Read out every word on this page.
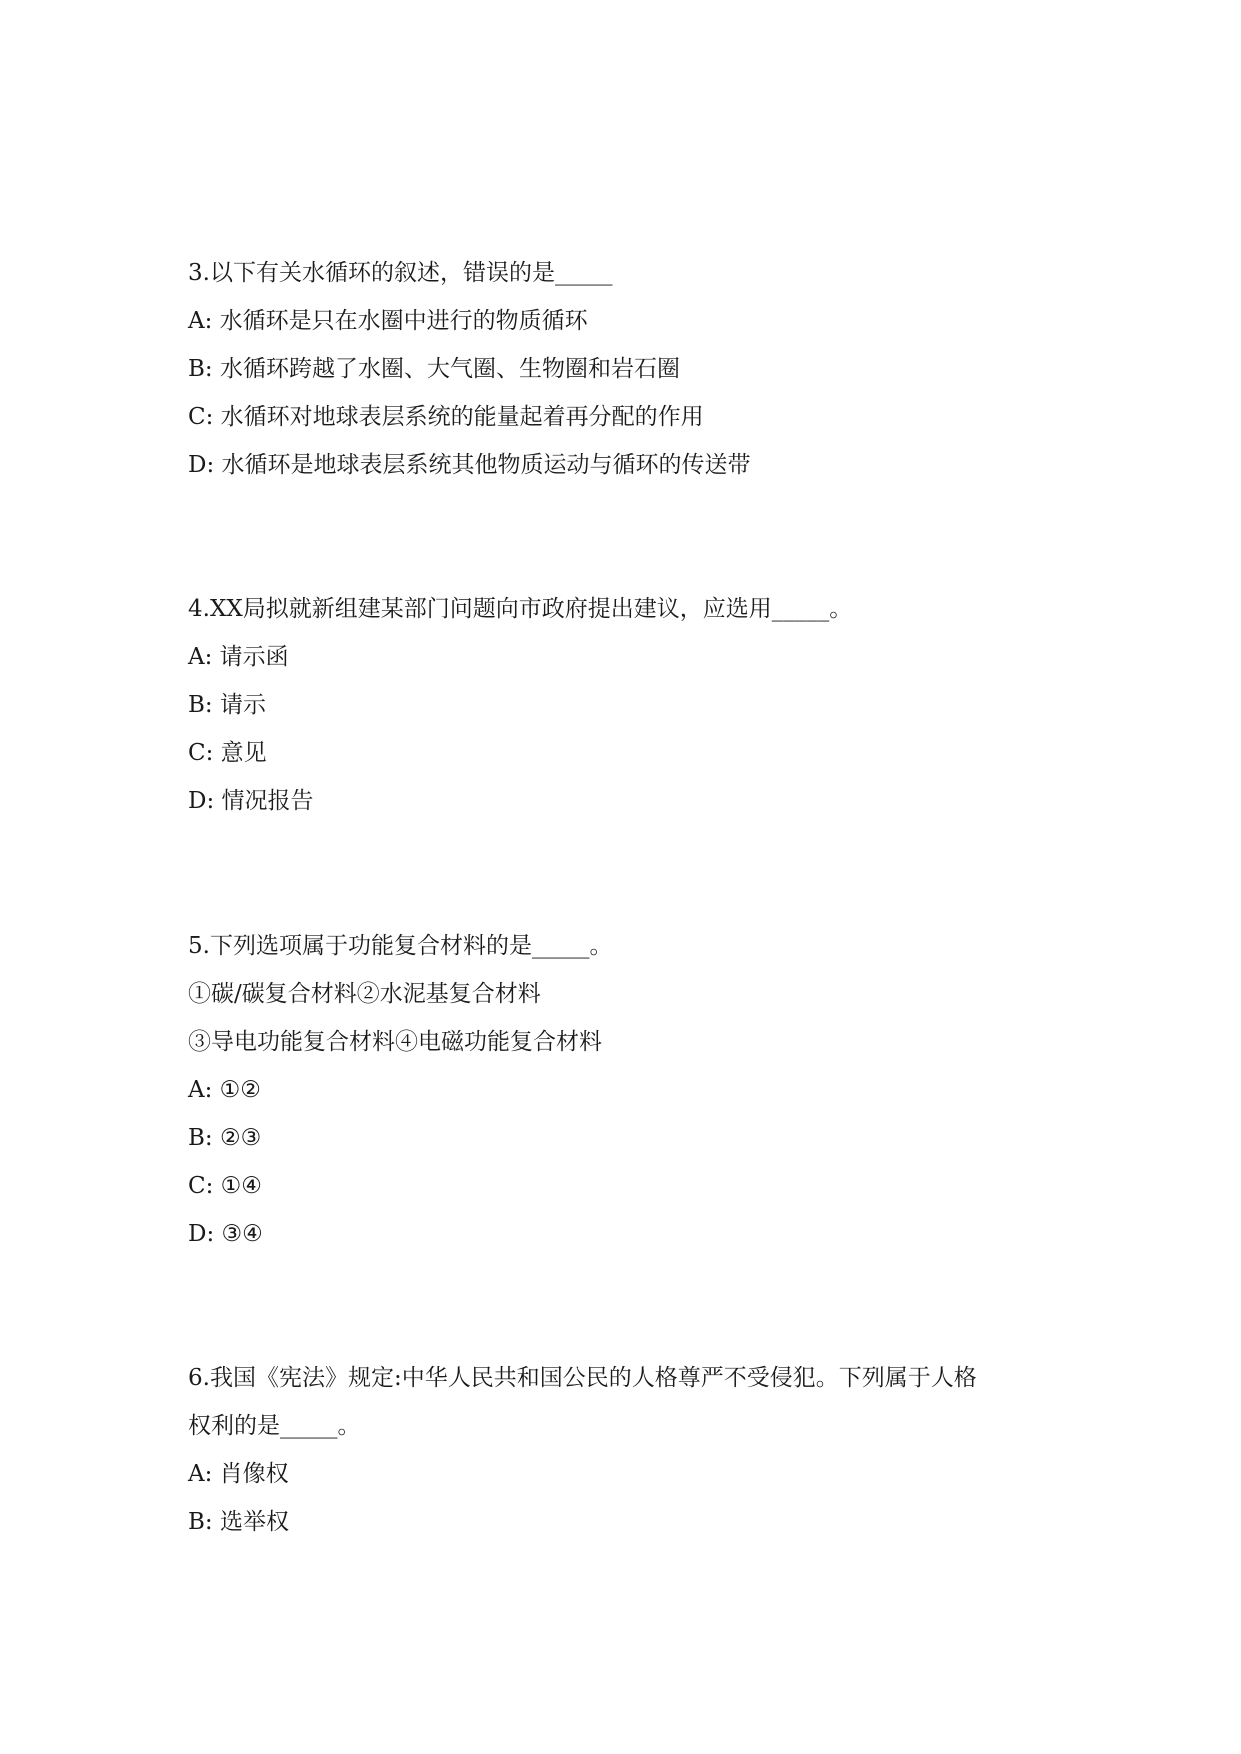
3.以下有关水循环的叙述，错误的是_____
A: 水循环是只在水圈中进行的物质循环
B: 水循环跨越了水圈、大气圈、生物圈和岩石圈
C: 水循环对地球表层系统的能量起着再分配的作用
D: 水循环是地球表层系统其他物质运动与循环的传送带
4.XX局拟就新组建某部门问题向市政府提出建议，应选用_____。
A: 请示函
B: 请示
C: 意见
D: 情况报告
5.下列选项属于功能复合材料的是_____。
①碳/碳复合材料②水泥基复合材料
③导电功能复合材料④电磁功能复合材料
A: ①②
B: ②③
C: ①④
D: ③④
6.我国《宪法》规定:中华人民共和国公民的人格尊严不受侵犯。下列属于人格
权利的是_____。
A: 肖像权
B: 选举权
